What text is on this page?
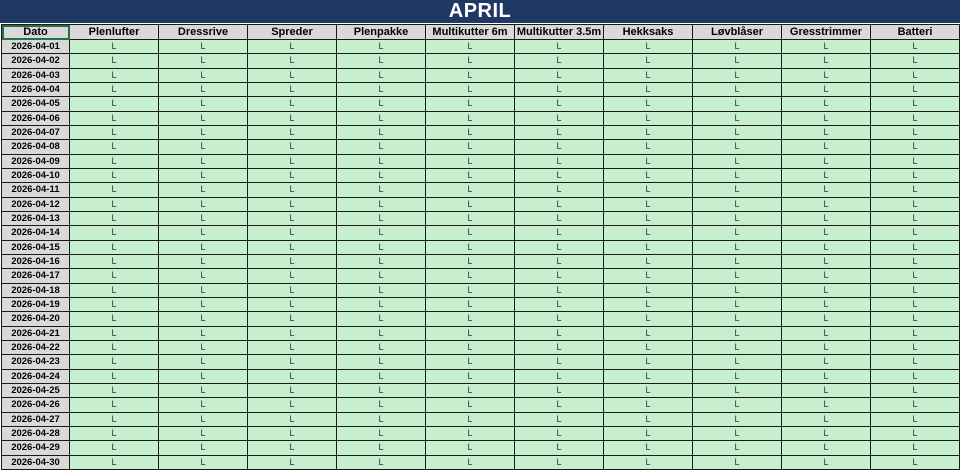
APRIL
Dato	Plenlufter	Dressrive	Spreder	Plenpakke	Multikutter 6m	Multikutter 3.5m	Hekksaks	Løvblåser	Gresstrimmer	Batteri
2026-04-01	L	L	L	L	L	L	L	L	L	L
2026-04-02	L	L	L	L	L	L	L	L	L	L
2026-04-03	L	L	L	L	L	L	L	L	L	L
2026-04-04	L	L	L	L	L	L	L	L	L	L
2026-04-05	L	L	L	L	L	L	L	L	L	L
2026-04-06	L	L	L	L	L	L	L	L	L	L
2026-04-07	L	L	L	L	L	L	L	L	L	L
2026-04-08	L	L	L	L	L	L	L	L	L	L
2026-04-09	L	L	L	L	L	L	L	L	L	L
2026-04-10	L	L	L	L	L	L	L	L	L	L
2026-04-11	L	L	L	L	L	L	L	L	L	L
2026-04-12	L	L	L	L	L	L	L	L	L	L
2026-04-13	L	L	L	L	L	L	L	L	L	L
2026-04-14	L	L	L	L	L	L	L	L	L	L
2026-04-15	L	L	L	L	L	L	L	L	L	L
2026-04-16	L	L	L	L	L	L	L	L	L	L
2026-04-17	L	L	L	L	L	L	L	L	L	L
2026-04-18	L	L	L	L	L	L	L	L	L	L
2026-04-19	L	L	L	L	L	L	L	L	L	L
2026-04-20	L	L	L	L	L	L	L	L	L	L
2026-04-21	L	L	L	L	L	L	L	L	L	L
2026-04-22	L	L	L	L	L	L	L	L	L	L
2026-04-23	L	L	L	L	L	L	L	L	L	L
2026-04-24	L	L	L	L	L	L	L	L	L	L
2026-04-25	L	L	L	L	L	L	L	L	L	L
2026-04-26	L	L	L	L	L	L	L	L	L	L
2026-04-27	L	L	L	L	L	L	L	L	L	L
2026-04-28	L	L	L	L	L	L	L	L	L	L
2026-04-29	L	L	L	L	L	L	L	L	L	L
2026-04-30	L	L	L	L	L	L	L	L	L	L
